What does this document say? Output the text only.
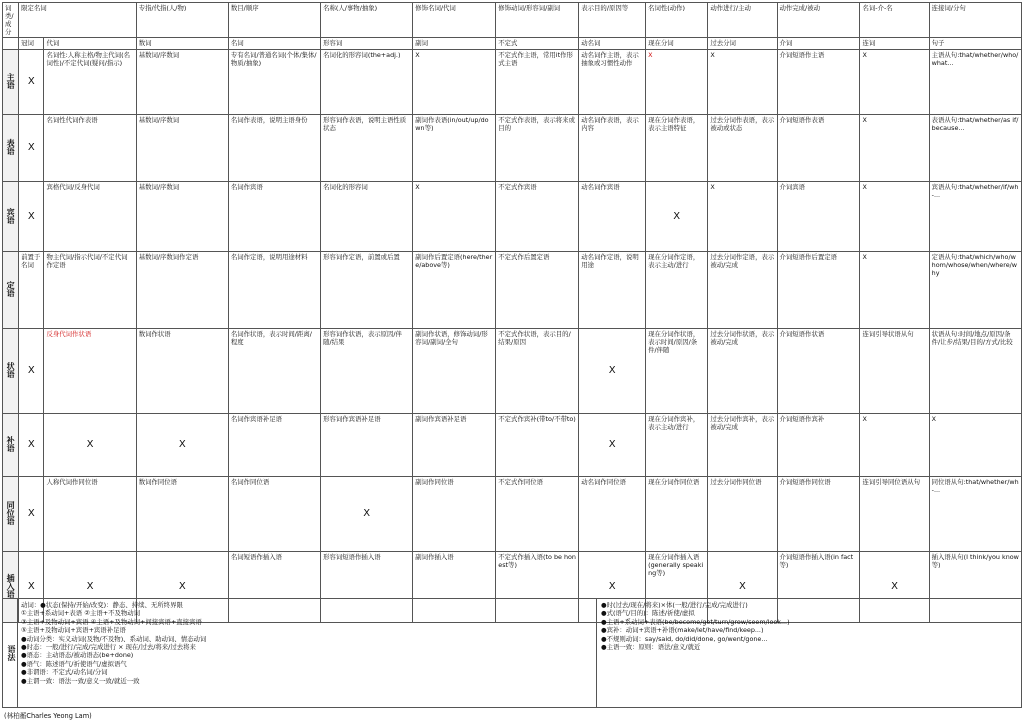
词类/成分	限定名词		专指/代指(人/物)	数目/顺序	名称(人/事物/抽象)	修饰名词/代词	修饰动词/形容词/副词	表示目的/原因等	名词性(动作)	动作进行/主动	动作完成/被动	名词-介-名	连接词/分句
	冠词	代词	数词	名词	形容词	副词	不定式	动名词	现在分词	过去分词	介词	连词	句子
主语	X	名词性:人称主格/物主代词(名词性)/不定代词(疑问/指示)	基数词/序数词	专有名词/普通名词(个体/集体/物质/抽象)	名词化的形容词(the+adj.)	X	不定式作主语，常用it作形式主语	动名词作主语，表示抽象或习惯性动作	X	X	介词短语作主语	X	主语从句:that/whether/who/what...
表语	X	名词性代词作表语	基数词/序数词	名词作表语，说明主语身份	形容词作表语，说明主语性质状态	副词作表语(in/out/up/down等)	不定式作表语，表示将来或目的	动名词作表语，表示内容	现在分词作表语，表示主语特征	过去分词作表语，表示被动或状态	介词短语作表语	X	表语从句:that/whether/as if/because...
宾语	X	宾格代词/反身代词	基数词/序数词	名词作宾语	名词化的形容词	X	不定式作宾语	动名词作宾语	X	X	介词宾语	X	宾语从句:that/whether/if/wh-...
定语	前置于名词	物主代词/指示代词/不定代词作定语	基数词/序数词作定语	名词作定语，说明用途材料	形容词作定语，前置或后置	副词作后置定语(here/there/above等)	不定式作后置定语	动名词作定语，说明用途	现在分词作定语，表示主动/进行	过去分词作定语，表示被动/完成	介词短语作后置定语	X	定语从句:that/which/who/whom/whose/when/where/why
状语	X	反身代词作状语	数词作状语	名词作状语，表示时间/距离/程度	形容词作状语，表示原因/伴随/结果	副词作状语，修饰动词/形容词/副词/全句	不定式作状语，表示目的/结果/原因	X	现在分词作状语，表示时间/原因/条件/伴随	过去分词作状语，表示被动/完成	介词短语作状语	连词引导状语从句	状语从句:时间/地点/原因/条件/让步/结果/目的/方式/比较
补语	X	X	X	名词作宾语补足语	形容词作宾语补足语	副词作宾语补足语	不定式作宾补(带to/不带to)	X	现在分词作宾补，表示主动/进行	过去分词作宾补，表示被动/完成	介词短语作宾补	X	X
同位语	X	人称代词作同位语	数词作同位语	名词作同位语	X	副词作同位语	不定式作同位语	动名词作同位语	现在分词作同位语	过去分词作同位语	介词短语作同位语	连词引导同位语从句	同位语从句:that/whether/wh-...
插入语	X	X	X	名词短语作插入语	形容词短语作插入语	副词作插入语	不定式作插入语(to be honest等)	X	现在分词作插入语(generally speaking等)	X	介词短语作插入语(in fact等)	X	插入语从句(I think/you know等)
语法
动词：●状态(保持/开始/改变)：静态、持续、无所终界限
①主语+系动词+表语 ②主语+不及物动词
③主语+及物动词+宾语 ④主语+及物动词+间接宾语+直接宾语
⑤主语+及物动词+宾语+宾语补足语
●动词分类：实义动词(及物/不及物)、系动词、助动词、情态动词
●时态：一般/进行/完成/完成进行 × 现在/过去/将来/过去将来
●语态：主动语态/被动语态(be+done)
●语气：陈述语气/祈使语气/虚拟语气
●非谓语：不定式/动名词/分词
●主谓一致：语法一致/意义一致/就近一致
●时(过去/现在/将来)×体(一般/进行/完成/完成进行)
●式(语气/目的)：陈述/祈使/虚拟
●主语+系动词+表语(be/become/get/turn/grow/seem/look...)
●宾补：动词+宾语+补语(make/let/have/find/keep...)
●不规则动词：say/said, do/did/done, go/went/gone...
●主语一致：原则：语法/意义/就近
(林柏蘅Charles Yeong Lam)
